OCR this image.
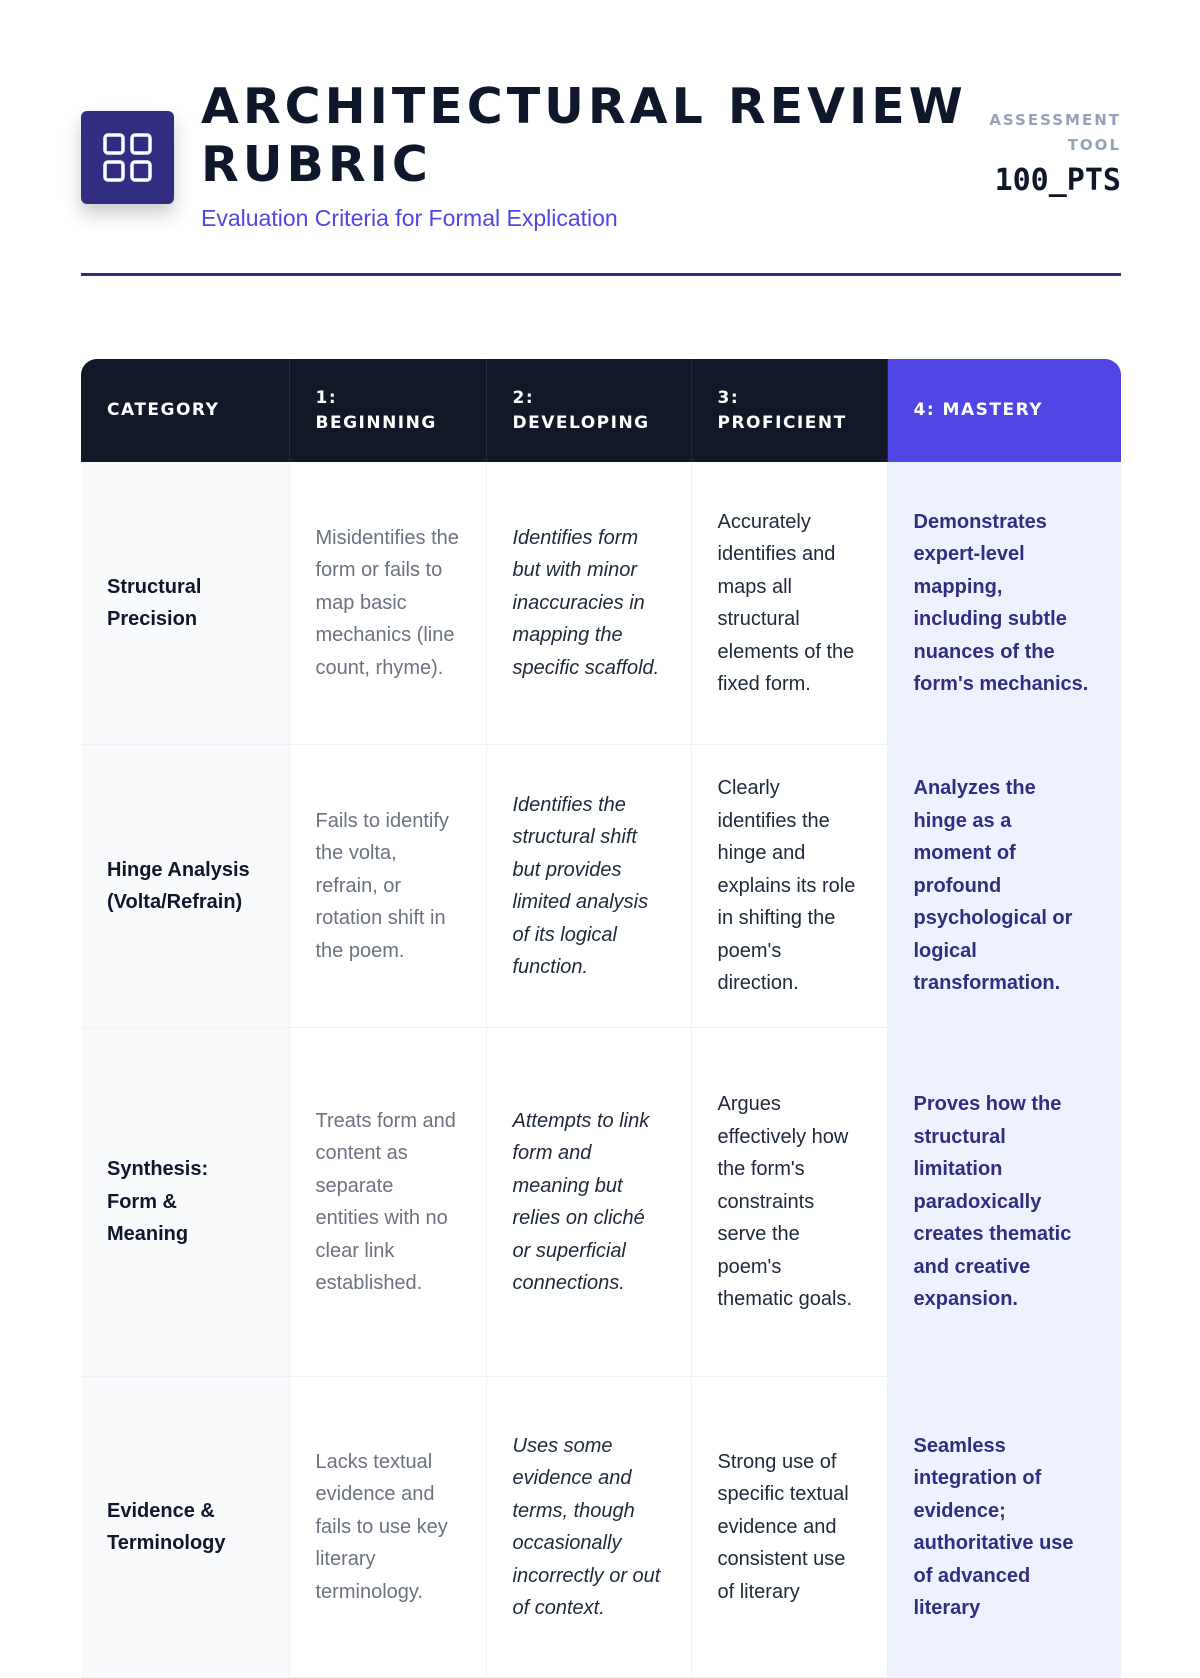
ARCHITECTURAL REVIEW RUBRIC
Evaluation Criteria for Formal Explication
ASSESSMENT TOOL
100_PTS
CATEGORY	1: BEGINNING	2: DEVELOPING	3: PROFICIENT	4: MASTERY
Structural Precision	Misidentifies the form or fails to map basic mechanics (line count, rhyme).	Identifies form but with minor inaccuracies in mapping the specific scaffold.	Accurately identifies and maps all structural elements of the fixed form.	Demonstrates expert-level mapping, including subtle nuances of the form's mechanics.
Hinge Analysis (Volta/Refrain)	Fails to identify the volta, refrain, or rotation shift in the poem.	Identifies the structural shift but provides limited analysis of its logical function.	Clearly identifies the hinge and explains its role in shifting the poem's direction.	Analyzes the hinge as a moment of profound psychological or logical transformation.
Synthesis: Form & Meaning	Treats form and content as separate entities with no clear link established.	Attempts to link form and meaning but relies on cliché or superficial connections.	Argues effectively how the form's constraints serve the poem's thematic goals.	Proves how the structural limitation paradoxically creates thematic and creative expansion.
Evidence & Terminology	Lacks textual evidence and fails to use key literary terminology.	Uses some evidence and terms, though occasionally incorrectly or out of context.	Strong use of specific textual evidence and consistent use of literary	Seamless integration of evidence; authoritative use of advanced literary
